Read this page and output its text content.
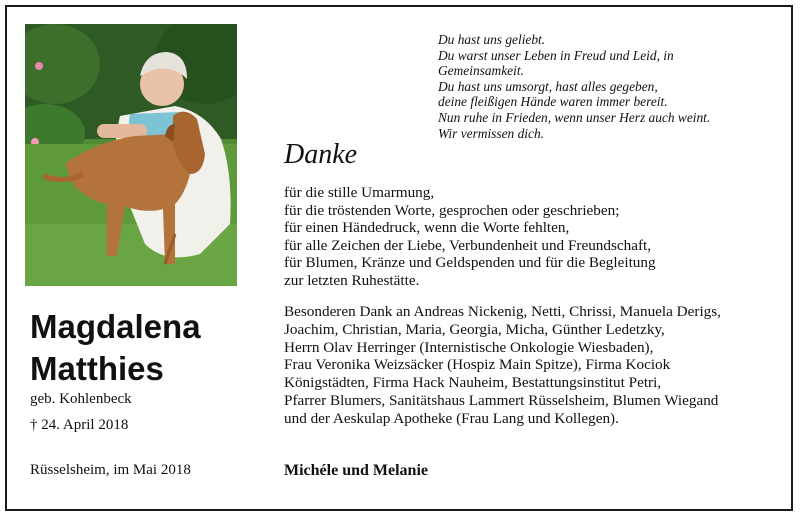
Magdalena
Matthies
geb. Kohlenbeck
† 24. April 2018
Rüsselsheim, im Mai 2018
Du hast uns geliebt.
Du warst unser Leben in Freud und Leid, in
Gemeinsamkeit.
Du hast uns umsorgt, hast alles gegeben,
deine fleißigen Hände waren immer bereit.
Nun ruhe in Frieden, wenn unser Herz auch weint.
Wir vermissen dich.
Danke
für die stille Umarmung,
für die tröstenden Worte, gesprochen oder geschrieben;
für einen Händedruck, wenn die Worte fehlten,
für alle Zeichen der Liebe, Verbundenheit und Freundschaft,
für Blumen, Kränze und Geldspenden und für die Begleitung
zur letzten Ruhestätte.
Besonderen Dank an Andreas Nickenig, Netti, Chrissi, Manuela Derigs,
Joachim, Christian, Maria, Georgia, Micha, Günther Ledetzky,
Herrn Olav Herringer (Internistische Onkologie Wiesbaden),
Frau Veronika Weizsäcker (Hospiz Main Spitze), Firma Kociok
Königstädten, Firma Hack Nauheim, Bestattungsinstitut Petri,
Pfarrer Blumers, Sanitätshaus Lammert Rüsselsheim, Blumen Wiegand
und der Aeskulap Apotheke (Frau Lang und Kollegen).
Michéle und Melanie
